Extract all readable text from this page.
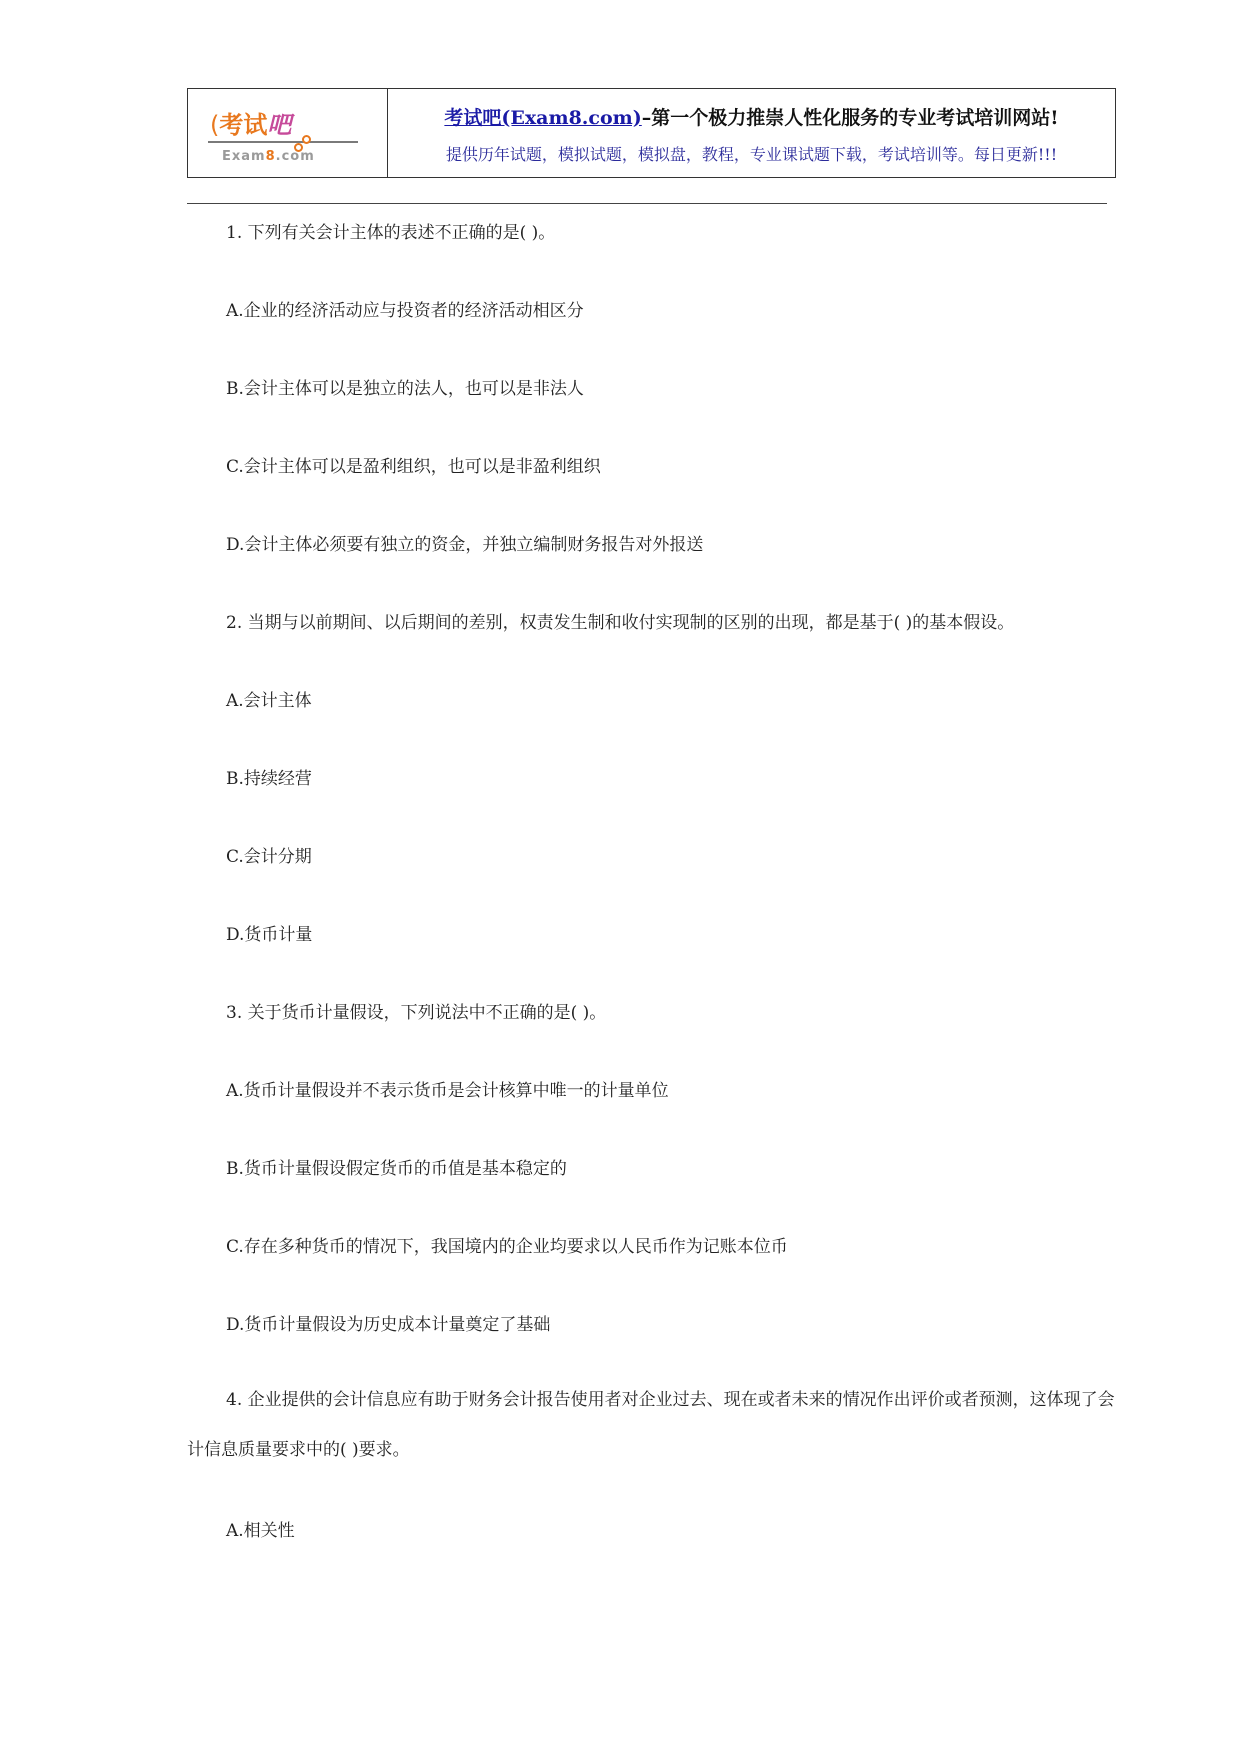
(考试吧
Exam8.com
考试吧(Exam8.com)–第一个极力推崇人性化服务的专业考试培训网站!
提供历年试题，模拟试题，模拟盘，教程，专业课试题下载，考试培训等。每日更新!!!
1. 下列有关会计主体的表述不正确的是( )。
A.企业的经济活动应与投资者的经济活动相区分
B.会计主体可以是独立的法人，也可以是非法人
C.会计主体可以是盈利组织，也可以是非盈利组织
D.会计主体必须要有独立的资金，并独立编制财务报告对外报送
2. 当期与以前期间、以后期间的差别，权责发生制和收付实现制的区别的出现，都是基于( )的基本假设。
A.会计主体
B.持续经营
C.会计分期
D.货币计量
3. 关于货币计量假设，下列说法中不正确的是( )。
A.货币计量假设并不表示货币是会计核算中唯一的计量单位
B.货币计量假设假定货币的币值是基本稳定的
C.存在多种货币的情况下，我国境内的企业均要求以人民币作为记账本位币
D.货币计量假设为历史成本计量奠定了基础
4. 企业提供的会计信息应有助于财务会计报告使用者对企业过去、现在或者未来的情况作出评价或者预测，这体现了会计信息质量要求中的( )要求。
A.相关性
